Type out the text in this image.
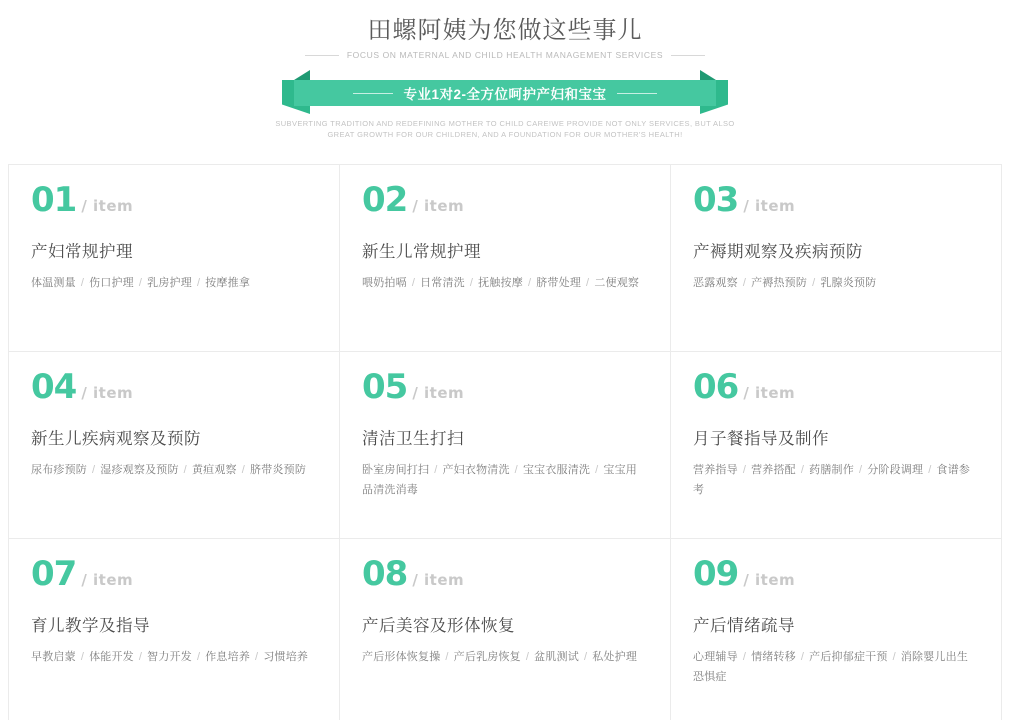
田螺阿姨为您做这些事儿
FOCUS ON MATERNAL AND CHILD HEALTH MANAGEMENT SERVICES
专业1对2-全方位呵护产妇和宝宝
SUBVERTING TRADITION AND REDEFINING MOTHER TO CHILD CARE!WE PROVIDE NOT ONLY SERVICES, BUT ALSO GREAT GROWTH FOR OUR CHILDREN, AND A FOUNDATION FOR OUR MOTHER'S HEALTH!
01 / item
产妇常规护理
体温测量 / 伤口护理 / 乳房护理 / 按摩推拿
02 / item
新生儿常规护理
喂奶拍嗝 / 日常清洗 / 抚触按摩 / 脐带处理 / 二便观察
03 / item
产褥期观察及疾病预防
恶露观察 / 产褥热预防 / 乳腺炎预防
04 / item
新生儿疾病观察及预防
尿布疹预防 / 湿疹观察及预防 / 黄疸观察 / 脐带炎预防
05 / item
清洁卫生打扫
卧室房间打扫 / 产妇衣物清洗 / 宝宝衣服清洗 / 宝宝用品清洗消毒
06 / item
月子餐指导及制作
营养指导 / 营养搭配 / 药膳制作 / 分阶段调理 / 食谱参考
07 / item
育儿教学及指导
早教启蒙 / 体能开发 / 智力开发 / 作息培养 / 习惯培养
08 / item
产后美容及形体恢复
产后形体恢复操 / 产后乳房恢复 / 盆肌测试 / 私处护理
09 / item
产后情绪疏导
心理辅导 / 情绪转移 / 产后抑郁症干预 / 消除婴儿出生恐惧症
